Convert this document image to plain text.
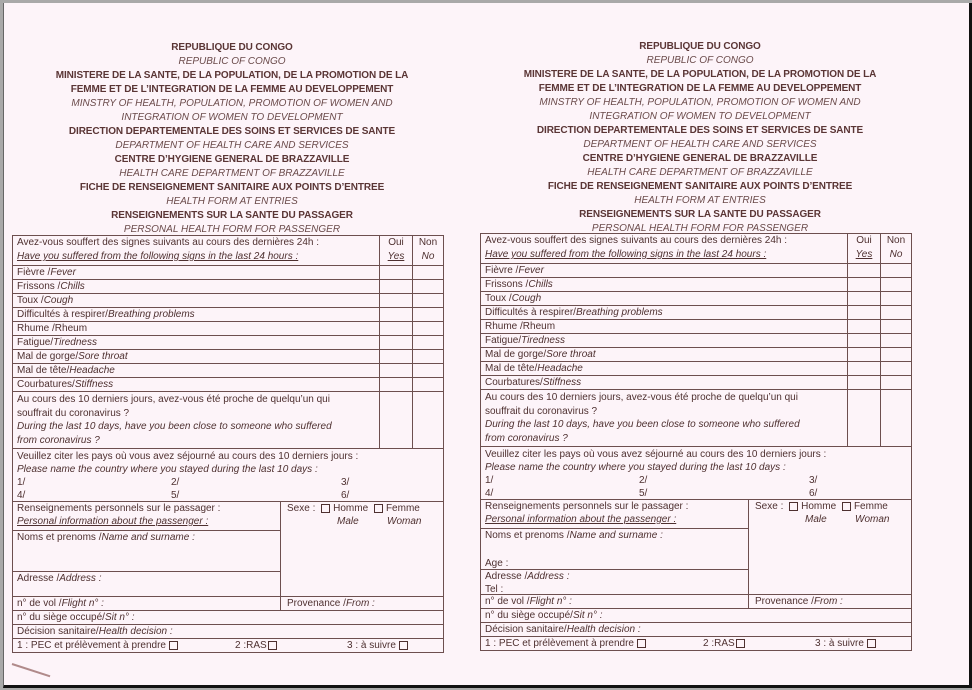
REPUBLIQUE DU CONGO
REPUBLIC OF CONGO
MINISTERE DE LA SANTE, DE LA POPULATION, DE LA PROMOTION DE LA
FEMME ET DE L’INTEGRATION DE LA FEMME AU DEVELOPPEMENT
MINSTRY OF HEALTH, POPULATION, PROMOTION OF WOMEN AND
INTEGRATION OF WOMEN TO DEVELOPMENT
DIRECTION DEPARTEMENTALE DES SOINS ET SERVICES DE SANTE
DEPARTMENT OF HEALTH CARE AND SERVICES
CENTRE D’HYGIENE GENERAL DE BRAZZAVILLE
HEALTH CARE DEPARTMENT OF BRAZZAVILLE
FICHE DE RENSEIGNEMENT SANITAIRE AUX POINTS D’ENTREE
HEALTH FORM AT ENTRIES
RENSEIGNEMENTS SUR LA SANTE DU PASSAGER
PERSONAL HEALTH FORM FOR PASSENGER
Avez-vous souffert des signes suivants au cours des dernières 24h :
Have you suffered from the following signs in the last 24 hours :
Oui
Yes
Non
No
Fièvre /Fever
Frissons /Chills
Toux /Cough
Difficultés à respirer/Breathing problems
Rhume /Rheum
Fatigue/Tiredness
Mal de gorge/Sore throat
Mal de tête/Headache
Courbatures/Stiffness
Au cours des 10 derniers jours, avez-vous été proche de quelqu’un qui
souffrait du coronavirus ?
During the last 10 days, have you been close to someone who suffered
from coronavirus ?
Veuillez citer les pays où vous avez séjourné au cours des 10 derniers jours :
Please name the country where you stayed during the last 10 days :
1/	2/	3/
4/	5/	6/
Renseignements personnels sur le passager :
Personal information about the passenger :
Noms et prenoms /Name and surname :
Age :
Adresse /Address :
Tel :
Sexe : Homme Femme
Male	Woman
n° de vol /Flight n° :	Provenance /From :
n° du siège occupé/Sit n° :
Décision sanitaire/Health decision :
1 : PEC et prélèvement à prendre	2 :RAS	3 : à suivre
REPUBLIQUE DU CONGO
REPUBLIC OF CONGO
MINISTERE DE LA SANTE, DE LA POPULATION, DE LA PROMOTION DE LA
FEMME ET DE L’INTEGRATION DE LA FEMME AU DEVELOPPEMENT
MINSTRY OF HEALTH, POPULATION, PROMOTION OF WOMEN AND
INTEGRATION OF WOMEN TO DEVELOPMENT
DIRECTION DEPARTEMENTALE DES SOINS ET SERVICES DE SANTE
DEPARTMENT OF HEALTH CARE AND SERVICES
CENTRE D’HYGIENE GENERAL DE BRAZZAVILLE
HEALTH CARE DEPARTMENT OF BRAZZAVILLE
FICHE DE RENSEIGNEMENT SANITAIRE AUX POINTS D’ENTREE
HEALTH FORM AT ENTRIES
RENSEIGNEMENTS SUR LA SANTE DU PASSAGER
PERSONAL HEALTH FORM FOR PASSENGER
Avez-vous souffert des signes suivants au cours des dernières 24h :
Have you suffered from the following signs in the last 24 hours :
Oui
Yes
Non
No
Fièvre /Fever
Frissons /Chills
Toux /Cough
Difficultés à respirer/Breathing problems
Rhume /Rheum
Fatigue/Tiredness
Mal de gorge/Sore throat
Mal de tête/Headache
Courbatures/Stiffness
Au cours des 10 derniers jours, avez-vous été proche de quelqu’un qui
souffrait du coronavirus ?
During the last 10 days, have you been close to someone who suffered
from coronavirus ?
Veuillez citer les pays où vous avez séjourné au cours des 10 derniers jours :
Please name the country where you stayed during the last 10 days :
1/	2/	3/
4/	5/	6/
Renseignements personnels sur le passager :
Personal information about the passenger :
Noms et prenoms /Name and surname :
Adresse /Address :
Sexe : Homme Femme
Male	Woman
n° de vol /Flight n° :	Provenance /From :
n° du siège occupé/Sit n° :
Décision sanitaire/Health decision :
1 : PEC et prélèvement à prendre	2 :RAS	3 : à suivre
